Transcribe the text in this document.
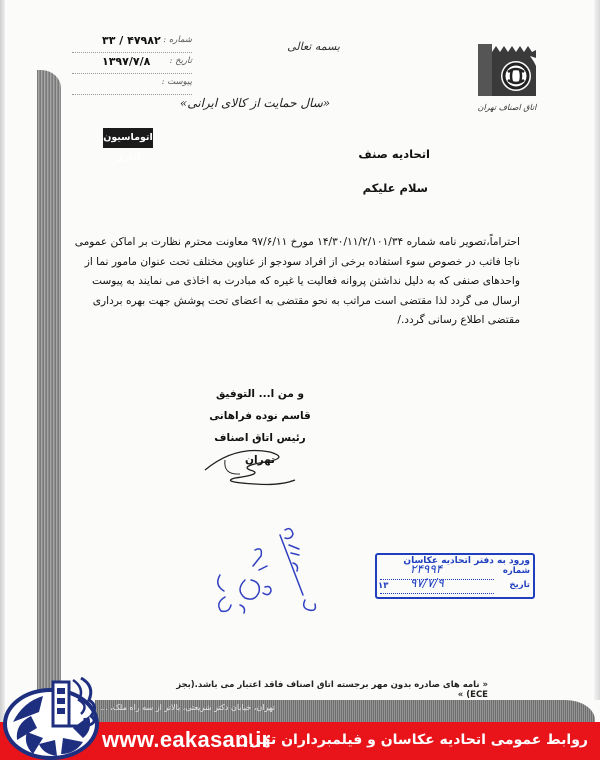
شماره :
۳۳ / ۴۷۹۸۲
تاریخ :
۱۳۹۷/۷/۸
پیوست :
بسمه تعالی
«سال حمایت از کالای ایرانی»	اتاق اصناف تهران
اتوماسیون اداری	اتحادیه صنف
سلام علیکم
احتراماً،تصویر نامه شماره ۱۴/۳۰/۱۱/۲/۱۰۱/۳۴ مورخ ۹۷/۶/۱۱ معاونت محترم نظارت بر اماکن عمومی
ناجا فاتب در خصوص سوء استفاده برخی از افراد سودجو از عناوین مختلف تحت عنوان مامور نما از
واحدهای صنفی که به دلیل نداشتن پروانه فعالیت یا غیره که مبادرت به اخاذی می نمایند به پیوست
ارسال می گردد لذا مقتضی است مراتب به نحو مقتضی به اعضای تحت پوشش جهت بهره برداری
مقتضی اطلاع رسانی گردد./
و من ا... التوفیق
قاسم نوده فراهانی
رئیس اتاق اصناف تهران
ورود به دفتر اتحادیه عکاسان
شماره
۲۴۹۹۴
تاریخ
۹۷/۷/۹
۱۳
« نامه های صادره بدون مهر برجسته اتاق اصناف فاقد اعتبار می باشد.(بجز ECE) »
تهران، خیابان دکتر شریعتی، بالاتر از سه راه ملک، ...
www.eakasan.ir
روابط عمومی اتحادیه عکاسان و فیلمبرداران تهران
